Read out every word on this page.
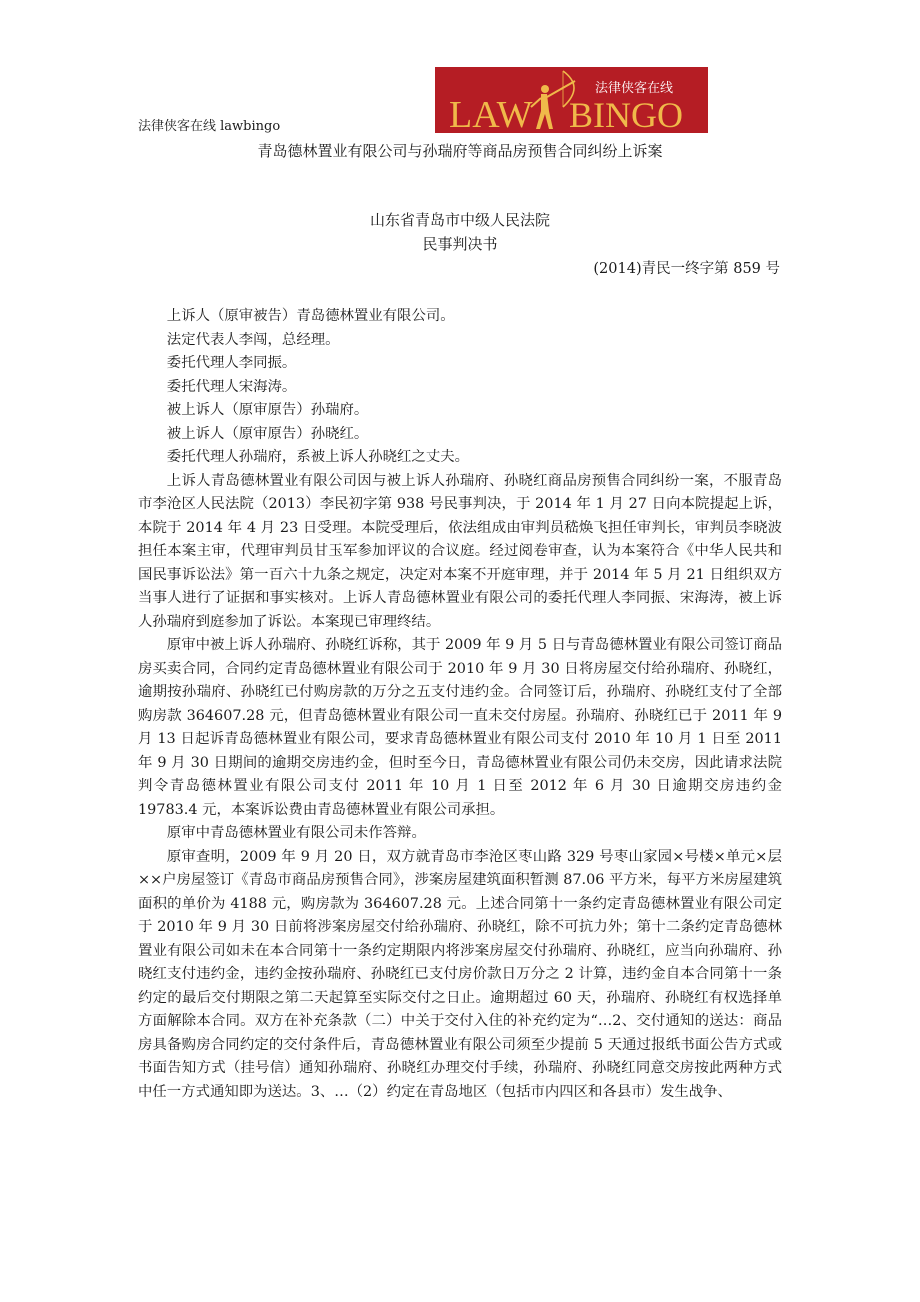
LAW BINGO
法律侠客在线
法律侠客在线 lawbingo
青岛德林置业有限公司与孙瑞府等商品房预售合同纠纷上诉案
山东省青岛市中级人民法院
民事判决书
(2014)青民一终字第 859 号

上诉人（原审被告）青岛德林置业有限公司。

法定代表人李闯，总经理。

委托代理人李同振。

委托代理人宋海涛。

被上诉人（原审原告）孙瑞府。

被上诉人（原审原告）孙晓红。

委托代理人孙瑞府，系被上诉人孙晓红之丈夫。

上诉人青岛德林置业有限公司因与被上诉人孙瑞府、孙晓红商品房预售合同纠纷一案，不服青岛市李沧区人民法院（2013）李民初字第 938 号民事判决，于 2014 年 1 月 27 日向本院提起上诉，本院于 2014 年 4 月 23 日受理。本院受理后，依法组成由审判员嵇焕飞担任审判长，审判员李晓波担任本案主审，代理审判员甘玉军参加评议的合议庭。经过阅卷审查，认为本案符合《中华人民共和国民事诉讼法》第一百六十九条之规定，决定对本案不开庭审理，并于 2014 年 5 月 21 日组织双方当事人进行了证据和事实核对。上诉人青岛德林置业有限公司的委托代理人李同振、宋海涛，被上诉人孙瑞府到庭参加了诉讼。本案现已审理终结。

原审中被上诉人孙瑞府、孙晓红诉称，其于 2009 年 9 月 5 日与青岛德林置业有限公司签订商品房买卖合同，合同约定青岛德林置业有限公司于 2010 年 9 月 30 日将房屋交付给孙瑞府、孙晓红，逾期按孙瑞府、孙晓红已付购房款的万分之五支付违约金。合同签订后，孙瑞府、孙晓红支付了全部购房款 364607.28 元，但青岛德林置业有限公司一直未交付房屋。孙瑞府、孙晓红已于 2011 年 9 月 13 日起诉青岛德林置业有限公司，要求青岛德林置业有限公司支付 2010 年 10 月 1 日至 2011 年 9 月 30 日期间的逾期交房违约金，但时至今日，青岛德林置业有限公司仍未交房，因此请求法院判令青岛德林置业有限公司支付 2011 年 10 月 1 日至 2012 年 6 月 30 日逾期交房违约金 19783.4 元，本案诉讼费由青岛德林置业有限公司承担。

原审中青岛德林置业有限公司未作答辩。

原审查明，2009 年 9 月 20 日，双方就青岛市李沧区枣山路 329 号枣山家园×号楼×单元×层××户房屋签订《青岛市商品房预售合同》，涉案房屋建筑面积暂测 87.06 平方米，每平方米房屋建筑面积的单价为 4188 元，购房款为 364607.28 元。上述合同第十一条约定青岛德林置业有限公司定于 2010 年 9 月 30 日前将涉案房屋交付给孙瑞府、孙晓红，除不可抗力外；第十二条约定青岛德林置业有限公司如未在本合同第十一条约定期限内将涉案房屋交付孙瑞府、孙晓红，应当向孙瑞府、孙晓红支付违约金，违约金按孙瑞府、孙晓红已支付房价款日万分之 2 计算，违约金自本合同第十一条约定的最后交付期限之第二天起算至实际交付之日止。逾期超过 60 天，孙瑞府、孙晓红有权选择单方面解除本合同。双方在补充条款（二）中关于交付入住的补充约定为“…2、交付通知的送达：商品房具备购房合同约定的交付条件后，青岛德林置业有限公司须至少提前 5 天通过报纸书面公告方式或书面告知方式（挂号信）通知孙瑞府、孙晓红办理交付手续，孙瑞府、孙晓红同意交房按此两种方式中任一方式通知即为送达。3、…（2）约定在青岛地区（包括市内四区和各县市）发生战争、
